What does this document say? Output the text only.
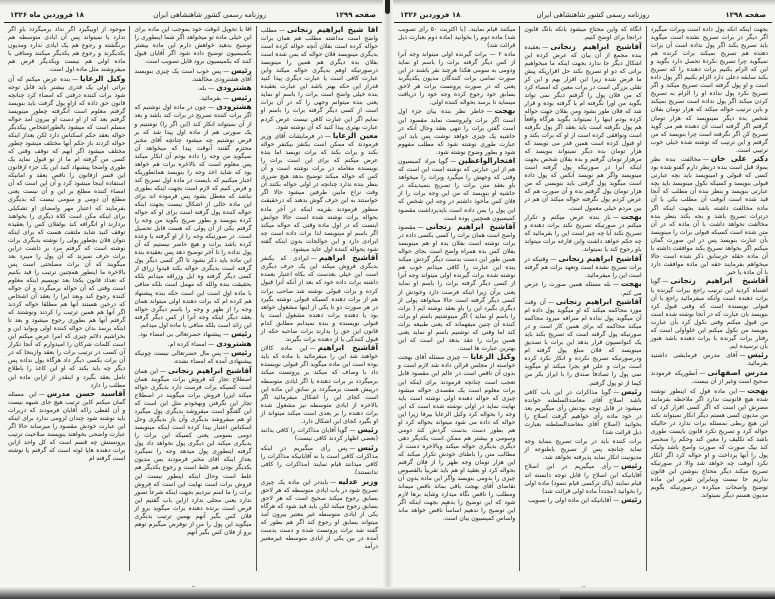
صفحه ۱۲۹۹
روزنامه رسمی کشور شاهنشاهی ایران
۱۸ فروردین ماه ۱۳۲۶

آقا شیخ ابراهیم زنجانی—مطلب واضح است مداشته مطلب هم همان برات حواله کرده است بفلان آنچه حواله کرده است بدیگری مینویسد فلان حواله که بمن شده است بفلان بده دیگری هم همین را مینویسد درصورتیکه اوهم بدیگری حواله میکند واین عبارت کافی است یا عبارت دیگری پیدا کنید قدراز این حکه بهتر باشد این عبارت بعقیده بنده خیلی واضح است برات را باسم او نماید یعنی بنده میتوانم وجهی را که در آن برات است از کسی دیگر گرفته برات را باسم او نمایم اگر این عبارت کافی نیست عرض کردم عبارت بهتری پیدا کنید که آن نوشته شود.

معین الرعایا—در فرمایشات آقای وزیر فرمودند که ممکن است یکنفر بیکنفر حواله بکند و برات بکند که برات نویسد اما بنده عرض میکنم که برای این است برات را نویسنده معامله در برات نوشته است و آن کس که حواله میکند توضیح بدهد هیچ ضرری بنظر بنده ندارد چنانچه در اولی حواله بکنند آن وقت نزاع مابین طرفین میشود حالا اگر خواستند به این حرف گوش بدهند که درحقیقت منظور فرمودند بقرینه اینکه در آخر ماده بحواله برات نوشته شده است حالا جوابش اینست که در اول ماده وقتی که حواله میکند اگر باسم او مینویسد لذا برات داده است چه ایرادی دارد و این حوالجات بدون اینکه گفته شود بحواله کننده اول عاید میشود.

آقاشیخ ابراهیم—ایرادی که یکنفر بدیگری فروش میکند این یک حرف دیگری است این خیلی بعدست که بکاه اعتبار بعمده داشته برات داده خود که بعد از آنکه آنرا قبول کرده و برات قبولی نوشته شد صاحب برات هم از برات دهنده کسیکه قبولی نوشته بگیرد در هر صورت دو تا یکی از اینها مشغول خواهد بود یا دهنده برات دهنده مشغول است یا قبولی نویسنده و بنده نمیدانم مطابق کدام قانون این حق را بدارند برات صاحبه حکه از قبول کنندگی یا از دهنده برات بگیرند.

آقاشیخ ابراهیم—این ماده کالان خواهند شد این را میفرمائید با ماده که باید بوده است این ماده میگوید اگر قبولی نویسنده داد با وصاف که میکند بر پروتست میکند برمیگردد بر برات دهنده یا اگر ایادی متوسطه درپیش هست برمیگردد بر سابق این ماده این است کجای این را اشکال میفرمائید اگر بالاخره از ایادی متوسطه نیز مشغول شده برات دهنده را بر بعدی است میکند میتواند از او بگیرد کجای این اشکال دارد.

رئیس—گویا آقایان مذاکرات را کافی بدانند (بعضی اظهار کردند کافی نیست)

رئیس—پس رأی میگیریم در اینکه مذاکرات کافی است یا نه آقایانیکه مذاکرات را کافی میدانند قیام نمایند (مذاکرات را کافی ندانستند).

وزیر عدلیه—بایددر این ماده یک چیزی تصریح شود در باب ایادی متوسطه که هر لاحق بسابق رجوع میکند صحیح است که هر لاحق بسابق رجوع میکند لکن باید قید شود که هرگاه یکی از ایادی متوسطه غیر معتبر بیرون آمد میتواند بسابق او رجوع کند اگر هم بطور که گفته شد برات پروتست شده و دست بدست آمده در بین یکی از ایادی متوسطه غیرمعتبر درآمد

آقا با تحویل آنوقت خود بموجب این ماده برای این خیلی ماده تو میخواهد اگر شما اینطوری را توضیح بدهید خواهش دارم این ماده بیشتر بکمیسیون توضیح داده شود اگر آقایان قبول کنند که بکمیسیون برود قابل تصویب است.

رئیس—پس خوب است یک چیزی بنویسند آقای هشترودی مخالفند.

هشترودی—بله.

رئیس—بفرمائید.

هشترودی—چون در ماده اول نوشتیم که اگر برات کننده تصریح در برات کند باشد و بعد از آن نمیتواند انکار کند (این اگر را) نوشتیم و یک صورتی هم از ماده اول پیدا شد که بر قرض نوشتیم چه میشود چنانچه آقای مخبر محترم گفتند آنوقت پیدا که میخواهد آن نمیگوید من وجه را داده بودم آن انکار میکند پس معلوم است که بالاخره برات هم خواهد بود که شاید اخذ وجه را بنویسد همانطوریکه اجبار میکنیم که بایست در ماده اول تصریح کند و فرض کنیم که لازم است بجهت اینکه بطوری نباشد که معطل بشود پس فرموده اند برای این ماده خالی از اشکال نیست بجهت اینکه حواله کننده پول گرفته است برای او که حواله کرده بنویسد و بطور صریح بگوید من وجه را گرفتم یکی از آن پولی که هست قابل تحصیل است. در صورتیکه وجه را از او گرفته یا وعده کرده باشد برات و هیچ حاضر نیستیم که آن پول نداده را تا آخر توضیح دهد پس بعقیده بنده این ماده باید ذکر بشود تا اگر کسی دیگر پول گرفته است بدیگری حواله بکند قیدوا زراق از کسی دیگر گرفته وه ایل وزراقه میدانم بلکه بحقیقت بنده والله که مهمل است بلکه منافی با ماده اول است این است حکه بنده پیشنهاد هم کرده ام که برات دهنده اولی میتواند همان وجه را از ظهر و وجه را باسم دیگری حواله بعقد دیگر اینکه وجه آنرا از کس دیگر گرفته این زائد است بلکه منافی با ماده اول میدانم.

رئیس—پیشنهاد حضرتعالی بی امضاء بود.

هشترودی—امضاء کرده ام.

رئیس—پس مال حضرتعالی نیست چونیکه پیشنهادی آمده که امضاء نشده.

آقاشیخ ابراهیم زنجانی—این همان اصطلاح تجار که فروش برات میگویند همان است کسیکه برات فرصت دارد بدیگری حواله میکند ایزرا فروش برات میگویند در اصطلاح تجار این نگرفتن وبهخودم مثل این است که این گفتگو است میفروشد بدیگری پول میگیرد او هم میفروشد بدیگری وآن باز بدیگری وحل اسکناس اعتبار پیدا کرده است اینکه مینویسد دومی بسومی یعنی کسیکه این برات را بدیگری میکند این دیگری پول نخواهد داد پول گرفته اینطوری پول میدهد وجه را نمیگیرد بعداز اینکه آقای مخبر فرمودند بس مدیون یکدیگر بودن هم غلط است و رجوع یکدیگر هم غلط است وحال اینکه اینطور نیست این فروش برات است نهایت این است که فروش برات را ما اسم نبردیم بجهت اینکه شرعاً تصور ندارد یعنی محلی ندارد ازاین باب گفتیم این فرض است برنده دهنده برات میگوید برو از فلان کس بگیر آنهم بهمین ترتیب بدیگری میگوید این پول را من از توفرض میگیرم توهم برو از فلان کس بگیر آنهم

موجود از اوبیگیرد اگر نداد برمیگردد باو اگر ندارد یا نمیتواند پس آن ایادی متوسطه هم برنگشته و رجوع هم یک ایادی ندارد ومدیون یکدیگرند و رجوع هم یکدیگر میکنند ومنافی با ماده اولی هم نیست ویکدیگر قرض هم میفروشند مثل ماده اول است.

وکیل الرعایا—بنده عرض میکنم که آن براتی اولی یک قدری بیشتر باید قابل توجه شود برات کننده درقتی که امضاء کرد چنانچه قانون حق داده که ازاو پول گرفت باید بنویسد گرفتم معلوم است آنگرفته چطور مینویسد گرفتم بعد که از او دست او بیرون آمد حواله مسلم است که میشود بالطوراشخاص بیکدیگر حواله بعقد حکم اسکناس دارد لکن بعداز اینکه حواله کردند باز حکم آنها مختلف میشود چطور مختلف میشود اگر آنهم که توقف وقتی که کسی من گرفته ام ما از تو قبول نماید یک طوری واضحا پیشنهاد کنید این یک جزء ازقانون این قسر ازقانون را ناقص بعقد و امانیکه استفاده اینجا میشود کرد و آن این است که آن امضاء کننده مطلع بر این و آن نیست یعنی مطلع آن دومی و سومی نیست که بدیگری بفرمایند که اعتبار مهر وامضای او تشکیلی برای اینکه مکن است کلاه دیگری را بخواهند بردارند او انگرافه کند بولفلان کس را بعقیده توقف کنید شاید ملتفت هست که برای اینکه نتوان فلان بچطور پولی را نوشته بدیگری برات نوشته است که گرفتم مرد بر داشت دراین برات حرف نمیزند که آن پول را میبرد بعد میگویند که آن برات مصلحتی است پس بالاخره ما اینطور همچنین ترتیب را قید بکنیم که تعداد قانون یکجا بعد نویسیم اینکه معلوم است وقتی که آن حواله برمیگردد و آن حواله کننده رجوع کند وبعد ایرا را بعقد آن اشخاص که درحین هستند آنها هم مطلقا حواله کردند اگر آنها هم همین ترتیب را کردند ونوشتند که گرفتم آنها هم بطورى رجوع میشود و بعد تا اینکه برسد بدان حواله کننده اولی وبواید این و بخراشیم دلائم چیزی که امرا عرض میکنم این است کلمات شرکان را امیدوارم که آنجا تکرار آن کسب در ترتیب برات را بعقد وازینجا که در آن برات بکسی دیگر داد هرگاه پول نداده پس دیگر چه باید بکند که او این کاغذ را باطلاع تامل بعقد بگیرد و اینقدر از ازاین ماده این مطلب را دارد

آقاسید حسن مدرس—این مسئله گمان میکنم کاین ترتیب هیچ جای شبهه نیست و آن لفظی راکه آقایان فرمودند که دربرات باید نوشته شود چندان لزومی ندارد برای اینکه این عبارت خودش مقصود را میرساند حالا اگر عبارت واضحی بخواهند بنویسند صلاحیت ترتیب پروتستش چه قسم است که کل واحد ازاین برات دهنده هاپا لوثه است که گرفتم پا نوشته است گرفته ام

صفحه ۱۲۹۸
روزنامه رسمی کشور شاهنشاهی ایران
۱۸ فروردین ۱۳۲۶

بجهت اینکه آنکه پول داده است وبرات میگیرد اگر دیگر در برات تصریح نشده است میگوید باید تصریح بکند اگر پول نداده است آن برات دهنده هم تصریح نمیکند برات کرنده هم نمیگوید چرا تصریح نکردهٔ تحصل دارد بگوید و این که الزام بکنیم برات دهنده را که تصریح بکند سابقه دعلی دارد الزام بکنیم اگر پول داده است و او پول گرفته است تصریح میکند و اگر تصریح نکرد پول نداده او را الزام به تصریح کردن میکند اگر پول نداده است تصریح نمیکند و باین ترتیب حواله میکند که هزار تومان بفلان شخص بده دیگر نمینویسد که هزار تومان گرفتم اگر گرفته است آن دهنده هم می گوید تصریح کن اگر نگرفته است چرا بنویسد که من گرفتم و این ترتیب که نوشته شده خیلی خوب ترتیبی است.

دکتر علی خان—مخالفت بنده نظر بمواد قبل است بنده درنظر دارم گفتو شده بود کسی که قبولی و امینویسد باید بچه عبارتی قبولی بنویسد و کسیکه نکول مینویسد باید بچه عبارتی بنویسد و بنظر بنده آن مطلب که آنجا قید شده است آنوقت آن مطلب یکی با آن ماده مخالفت داشته باشد بجهت اینکه اگر درترات تصریح باشد و بجه بکند بنظر بنده مخالفت نخواهد داشت با آن ماده که در آن متن شده است کسیکه قبولی برات را مینویسد بآن عبارت بنویسد پس در این صورت گمان میکنم اگر بخواهد تصریح بکند موافقت داشته با آن ماده حقله حرسابق ذکر شده است حالا میخواهم بفرمایند حقه این ماده موافقت دارد با آن ماده یا خیر.

آقاشیخ ابراهیم زنجانی—گویا اشتباه کردید این ترتیب راجع ببرات گیرنده یا برات دهنده است وآنکه میفرمائید راجع با آن قبولی نویسنده است که وقتی قبول کرد بنویسد بان عبارت که در آنجا نوشته شده است من قبول میکنم وقتی نکول کرد بآن عبارت بنویسد من نکول میکنم این خلواولی است که رفتار برات گیرنده با برات دهنده باشد هنوز بآن نرسیده ایم.

رئیس—آقای مدرس فرمایشی داشتید بفرمائید.

مدرس اصفهانی—آنطوریکه فرمودند صحیح است وغیر از آن نیست.

بهجت—این ماده قول که اینطور نوشته شده هیچ قانونیت ندارد اگر ملاحظه بفرمایند مضرش این است که اگر کسی اقرار کرد که من مدیون کسی هستم دیگر انکار نمیتواند بکند این هیچ ربطی بمسئله برات ندارد در حالیکه حواله کرد و تصریح نکرد قانون بایست طوری باشد که تکلیف را معین کند وحکم را منحصر کند بیک صورت که صورت واضح باشد ولیکه پول را آنها پرداخت و او حواله کرد اگر انکار نکرد آنوقت چه خواهد شد والا در صورتیکه تصریح میکند دیگر محتاج بنوشتن این قانون نداریم جا نیست وبنابراین تقریر این ماده توضیح واضحات میکرده درصورتیکه بگویم مدیون هستم دیگر نمیتواند.

آنگاه که واین محتاج میشود بانکه بانگ قانون درانجا برای اوضح کنیم.

آقاشیخ ابراهیم زنجانی—بعقیده بنده مجمع از آن بیان که عرض کرده این اشکال دیگر جا ندارد بجهت اینکه ما میخواهیم براتی که دو او تصریح نکند حل اقراریکه پیش ما فرض شده زیرا این اقرار بهم و این کر تقلی بزرگی است در برات معین که امضاء کرد که من فلان پول را گرفتم دیگر نمی تواند بگوید من اورا نگرفته ام یا گرفته بوده و قرار شد که فلان طور بشود ومن بفلان جهت حواله کرده بودم اینها را نمیتواند بگوید هرگاه واقعاً هم پول نگرفته است باید بعقد اگر پول نگرفته است وتوافقی کرده است از او که برات بکند و او قبول کرده است همین قدر می نویسد که هزار تومان بده دیگر نمیتواند بنویسد که مرهزار تومان گرفتم و بده بفلان شخص بجهت اینکه آنرا در صورتیکه پول گرفته است مینویسد واگر هم نویسد آنکس که پول داده است میگوید پول گرفتی باید بنویسی که من هزار تومان پول گرفتم بده و آن صورت هم که عرض کردم پول نگرفته حواله میکند آن هم در بین مردم خیلی معمول است.

بهجت—باز بنده عرض میکنم و تکرار میکنم در صورتیکه تصریح نکند برات دهنده و تصریح نکند آیا چه چیز است این را بفرمائید که چه حکم خواهد داشت واین فارغه برات میتواند باو رجوع کند یا نمیتواند.

آقاشیخ ابراهیم زنجانی—وقتیکه در برات تصریح نشده است وتعهد برات هم گرفته است این را میفرمائید.

بهجت—بله مسئله همین صورت را عرض می کنم.

آقاشیخ ابراهیم زنجانی—آن وقت مورد محاکمه میکند که او میگوید پول داده ام آن میگوید پول نداده ام مترافه میرود محاکمه میکند محاکمه که برای همین کار است و در صورتیکه پول گرفته است که تصریح بکند باید یک کنوانسیون قرار بدهد این برات با تصدیق مینویسد که فلان مبلغ پول گرفته ام ودرصورتیکه تصریح نکرده و انکار نکرد کرده است برات و علی قو بجرا میکند او میگوید نمی پول را تصادفاً صندق را با ایراز بکر من کیما از تو پول گرفتم.

رئیس—گویا مذاکرات در این باب کافی باشد اصلاح آقای معاضدالسلطنه خوانده میشود در قابل توجه بودنش رأی میگیریم بعد در خود ماده رأی خواهیم گرفت اصلاح را بخوانید (اصلاح آقای معاضدالسلطنه بعبارت ذیل قرائت شد)

برات کننده باید در برات تصریح بنماید وجه تماید چنانچه پس از تصریح باطنوعه از مدیونیت انکار نماید پذیرفته نخواهد شد.

رئیس—رأی میگیریم در این اصلاح آقایانیکه این اصلاح را قابل توجه دانسته اند قیام نمایند (پاک ترکسی قیام ننمود) ماده اولی را بخوانید (مجدداً ماده اولی قرائت شد)

رئیس—آقایانیکه این ماده اولی را تصویب

میکنند قیام نمایند. (با اکثریت ۵۰ رأی تصویب شد) ماده دوم را بخوانید (ماده دوم بعبارت ذیل قرائت شد)

ماده ۲ — برات گیرنده اولی میتواند وجه آنرا از کس دیگر گرفته برات را باسم او نماید ودومی به سومی هکذا هرچند نفر باشند در این صورت تمامی برات کنندگان مدیون یکدیگرند یعنی که در صورت پروتست برات هر لاحق بسابق خود رجوع کرده وجه خود را دریافت مینماید تا برسد بحواله کننده اولی.

بهجت—خاطر نظر بنده بیان جزء اول است اگر برات واپروتست نماید مقصود این است گفتن برات را تنهی بعقد وحال آنکه در حاشیه یک چیزی خواهد نوشت پس باید این عبارت طوری نوشته شود که مطلب مفهوم شود و بطور وضوح نوشته شود.

افتخارالواعظین—گویا مراد کمیسیون هم از این عبارتی که نوشته است این است که وقتی که وجهش را میگیرد وبرات را میخواهد باو بعقد متن برات را تصریح بنمیدینکه در حاشیه او بنویسد که من این وجه برات را از فلان کس مأخوذ داشتم در وجه این شخص که این پول را بمن داده است بایدبرداشت مقصود کمیسیون همچنین بوده است

آقاشیخ ابراهیم زنجانی—مقصود واضح است همان برات را کسی بکسی داده در برات نوشته است بفلان بده او هم مینویسد بفلان کس بده همراه واضح است بجای حواله همین طور این دست بدست دیگر گردش میکند بنده این عبارت را کافی میدانم خوب هم نوشته شده برات گیرنده اولی میتواند وجه آنرا از کسی دیگر گرفته برات را باسم او نماید یعنی برآن زیرا اینکه فرصت دارد وخودش از کسی دیگر گرفته است حالا میخواهد پولی از دیگری بگیرد این را باو بعقد نوشته ایم ( برات را باسم او نماید ) اگر مینوشتیم باسم او برات کننده آن چنین میفهماند که یعنی طبیعه برات کند اما وقتی که نوشتیم باسم او نماید یعنی همین برات را عقد بدهد این است که این بهترین عبارت ها است.

وکیل الرعایا—چیزی مسئله آقای بهجت خواسته از مجلس قرائن داده شد لازم است و بدون آن ناقص است در عالم این مقصود قابل تعجب است چنانچه فرمودند برای اینکه این برات معلوم است یک مقصدی حواله میشود چیزی که حواله دهنده اولی نوشته است باید نهایت نماید در اولی نوشته شده است که این وجه را بحواله کرد وکیل الرعایا بیرفا زیرا این حواله که داده می شود میتواند بحواله کرد او هم بطور دست بدست گردش کند دومی وسومی و بیشتر هم ممکن است یکدیگر دهی دیگری بدیگری حواله میکند وبالاخره دست از مطالب متن را باطنای خودش تکرار میکند که این هزار تومان وجه ظهر را از فلان گرفتم بحواله کرد او بعقید او هم باید تقریباً بالفصوص چیزی را بدومی بنویسد واگر این ماده بدون آن تقاضای آقای بهجت باقی بماند ناقص میماند ومطلب را ناقص نگاه میدارد وشاید برها لازم شود که این توضیح را بدهیم بجهت اینکه اگر این توضیح را ندهیم اساساً ناقص خواهد ماند واساس کمیسیون بیان است.
